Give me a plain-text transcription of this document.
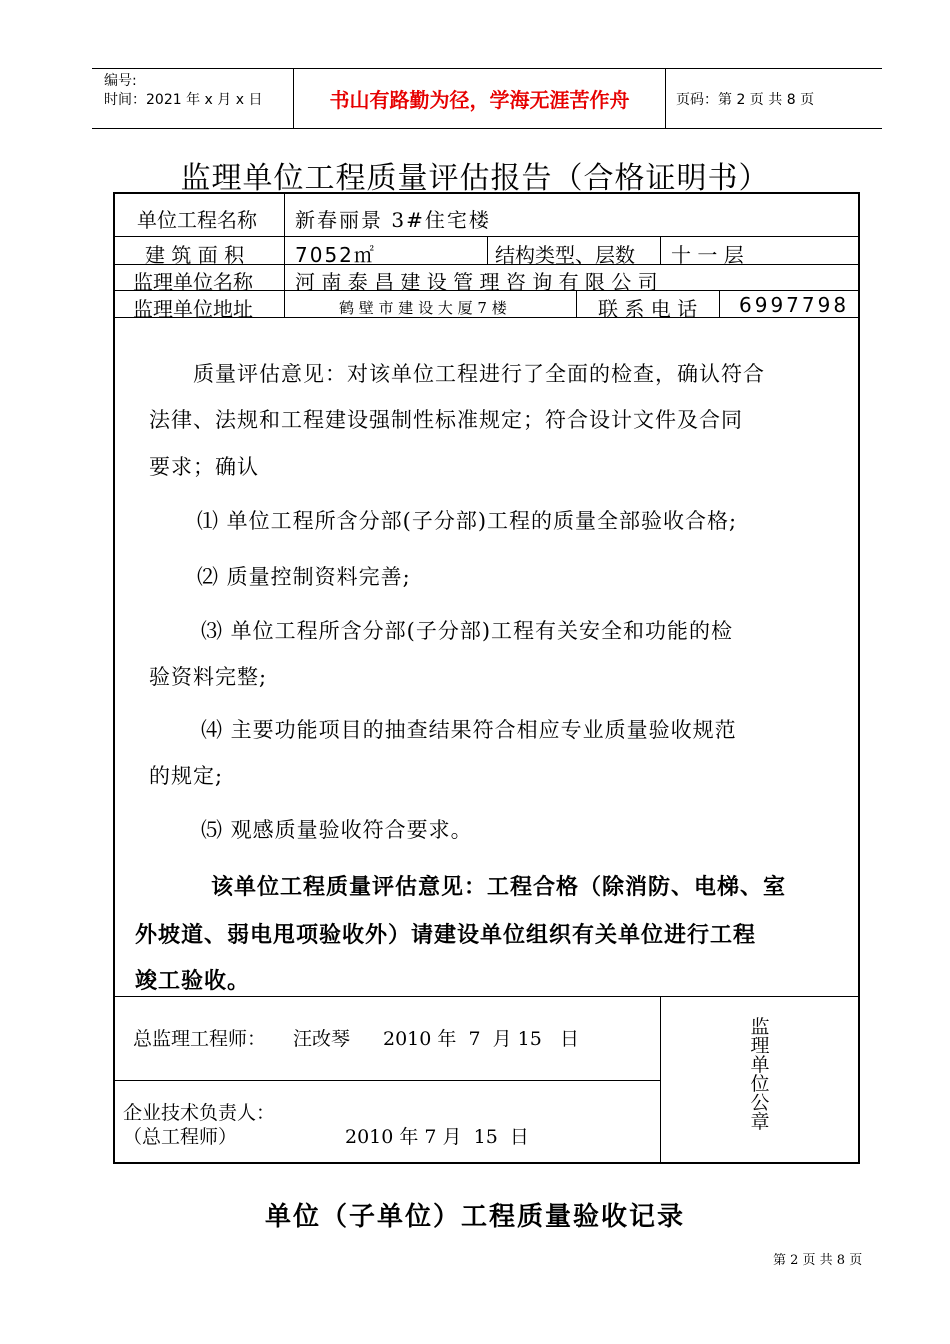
编号:
时间：2021 年 x 月 x 日	书山有路勤为径，学海无涯苦作舟	页码：第 2 页 共 8 页
监理单位工程质量评估报告（合格证明书）
单位工程名称 新春丽景 3#住宅楼
建 筑 面 积	7052㎡	结构类型、层数 十 一 层
监理单位名称 河 南 泰 昌 建 设 管 理 咨 询 有 限 公 司
监理单位地址	鹤 壁 市 建 设 大 厦 7 楼	联 系 电 话 6997798
质量评估意见：对该单位工程进行了全面的检查，确认符合
法律、法规和工程建设强制性标准规定；符合设计文件及合同
要求；确认
⑴ 单位工程所含分部(子分部)工程的质量全部验收合格;
⑵ 质量控制资料完善;
⑶ 单位工程所含分部(子分部)工程有关安全和功能的检
验资料完整;
⑷ 主要功能项目的抽查结果符合相应专业质量验收规范
的规定;
⑸ 观感质量验收符合要求。
该单位工程质量评估意见：工程合格（除消防、电梯、室
外坡道、弱电甩项验收外）请建设单位组织有关单位进行工程
竣工验收。
总监理工程师： 汪改琴 2010 年  7  月 15   日
企业技术负责人：
（总工程师）	2010 年 7 月  15  日
监理单位公章
单位（子单位）工程质量验收记录
第 2 页 共 8 页
